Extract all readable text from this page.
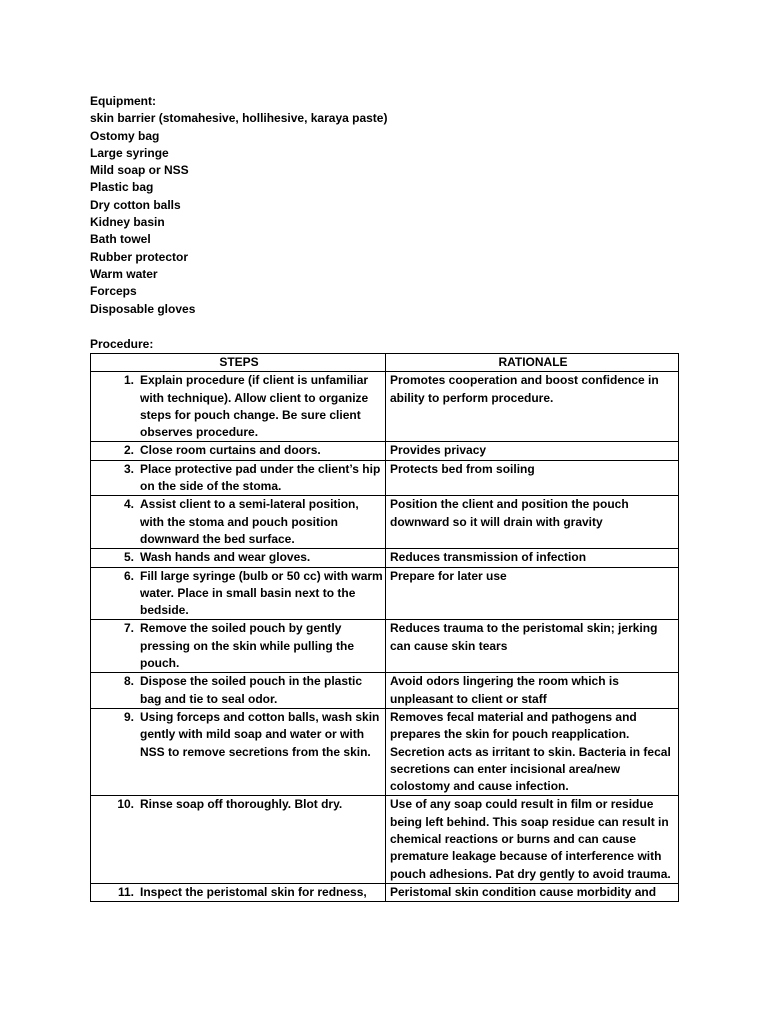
Equipment:
skin barrier (stomahesive, hollihesive, karaya paste)
Ostomy bag
Large syringe
Mild soap or NSS
Plastic bag
Dry cotton balls
Kidney basin
Bath towel
Rubber protector
Warm water
Forceps
Disposable gloves
Procedure:
STEPS	RATIONALE

1. Explain procedure (if client is unfamiliar with technique). Allow client to organize steps for pouch change. Be sure client observes procedure.	Promotes cooperation and boost confidence in ability to perform procedure.

2. Close room curtains and doors.	Provides privacy

3. Place protective pad under the client’s hip on the side of the stoma.	Protects bed from soiling

4. Assist client to a semi-lateral position, with the stoma and pouch position downward the bed surface.	Position the client and position the pouch downward so it will drain with gravity

5. Wash hands and wear gloves.	Reduces transmission of infection

6. Fill large syringe (bulb or 50 cc) with warm water. Place in small basin next to the bedside.	Prepare for later use

7. Remove the soiled pouch by gently pressing on the skin while pulling the pouch.	Reduces trauma to the peristomal skin; jerking can cause skin tears

8. Dispose the soiled pouch in the plastic bag and tie to seal odor.	Avoid odors lingering the room which is unpleasant to client or staff

9. Using forceps and cotton balls, wash skin gently with mild soap and water or with NSS to remove secretions from the skin.	Removes fecal material and pathogens and prepares the skin for pouch reapplication. Secretion acts as irritant to skin. Bacteria in fecal secretions can enter incisional area/new colostomy and cause infection.

10. Rinse soap off thoroughly. Blot dry.	Use of any soap could result in film or residue being left behind. This soap residue can result in chemical reactions or burns and can cause premature leakage because of interference with pouch adhesions. Pat dry gently to avoid trauma.

11. Inspect the peristomal skin for redness,	Peristomal skin condition cause morbidity and
